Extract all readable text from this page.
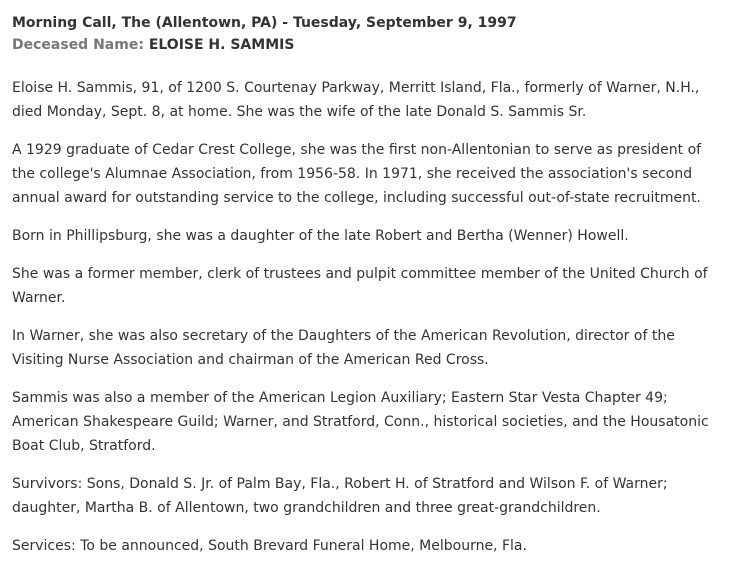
Morning Call, The (Allentown, PA) - Tuesday, September 9, 1997
Deceased Name: ELOISE H. SAMMIS

Eloise H. Sammis, 91, of 1200 S. Courtenay Parkway, Merritt Island, Fla., formerly of Warner, N.H., died Monday, Sept. 8, at home. She was the wife of the late Donald S. Sammis Sr.

A 1929 graduate of Cedar Crest College, she was the first non-Allentonian to serve as president of the college's Alumnae Association, from 1956-58. In 1971, she received the association's second annual award for outstanding service to the college, including successful out-of-state recruitment.

Born in Phillipsburg, she was a daughter of the late Robert and Bertha (Wenner) Howell.

She was a former member, clerk of trustees and pulpit committee member of the United Church of Warner.

In Warner, she was also secretary of the Daughters of the American Revolution, director of the Visiting Nurse Association and chairman of the American Red Cross.

Sammis was also a member of the American Legion Auxiliary; Eastern Star Vesta Chapter 49; American Shakespeare Guild; Warner, and Stratford, Conn., historical societies, and the Housatonic Boat Club, Stratford.

Survivors: Sons, Donald S. Jr. of Palm Bay, Fla., Robert H. of Stratford and Wilson F. of Warner; daughter, Martha B. of Allentown, two grandchildren and three great-grandchildren.

Services: To be announced, South Brevard Funeral Home, Melbourne, Fla.
